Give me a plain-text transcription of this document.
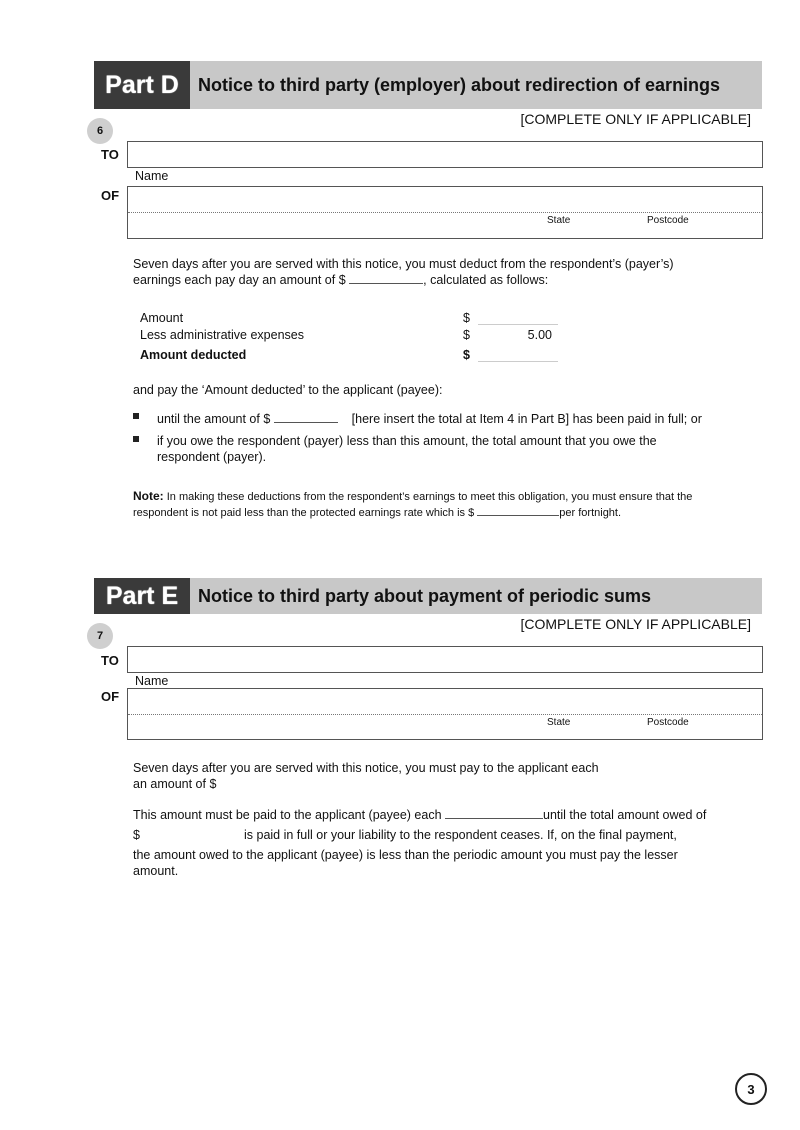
Part D	Notice to third party (employer) about redirection of earnings
[COMPLETE ONLY IF APPLICABLE]
6
TO
Name
OF
State	Postcode
Seven days after you are served with this notice, you must deduct from the respondent’s (payer’s)
earnings each pay day an amount of $	, calculated as follows:
Amount	$
Less administrative expenses	$	5.00
Amount deducted	$
and pay the ‘Amount deducted’ to the applicant (payee):
until the amount of $	[here insert the total at Item 4 in Part B] has been paid in full; or
if you owe the respondent (payer) less than this amount, the total amount that you owe the
respondent (payer).
Note: In making these deductions from the respondent’s earnings to meet this obligation, you must ensure that the
respondent is not paid less than the protected earnings rate which is $	per fortnight.
Part E	Notice to third party about payment of periodic sums
[COMPLETE ONLY IF APPLICABLE]
7
TO
Name
OF
State	Postcode
Seven days after you are served with this notice, you must pay to the applicant each
an amount of $
This amount must be paid to the applicant (payee) each	until the total amount owed of
$	is paid in full or your liability to the respondent ceases. If, on the final payment,
the amount owed to the applicant (payee) is less than the periodic amount you must pay the lesser
amount.
3
